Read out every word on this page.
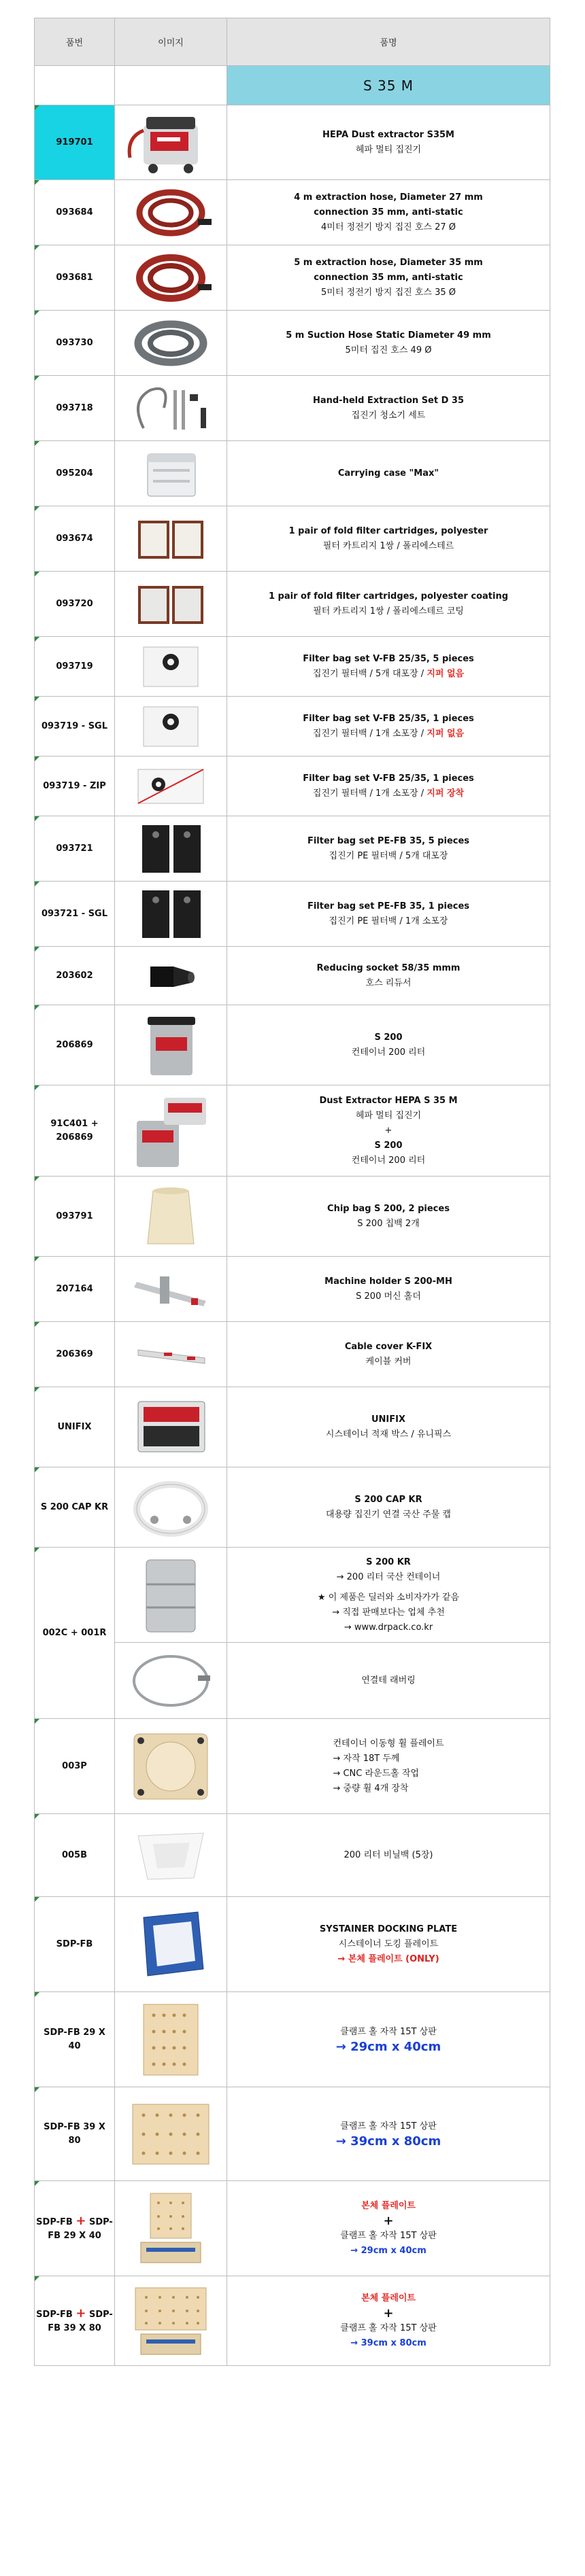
품번	이미지	품명
		S 35 M
919701		HEPA Dust extractor S35M
헤파 멀티 집진기

093684		4 m extraction hose, Diameter 27 mm
connection 35 mm, anti-static
4미터 정전기 방지 집진 호스 27 Ø

093681		5 m extraction hose, Diameter 35 mm
connection 35 mm, anti-static
5미터 정전기 방지 집진 호스 35 Ø

093730		5 m Suction Hose Static Diameter 49 mm
5미터 집진 호스 49 Ø

093718		Hand-held Extraction Set D 35
집진기 청소기 세트

095204		Carrying case "Max"

093674		1 pair of fold filter cartridges, polyester
필터 카트리지 1쌍 / 폴리에스테르

093720		1 pair of fold filter cartridges, polyester coating
필터 카트리지 1쌍 / 폴리에스테르 코팅

093719		Filter bag set V-FB 25/35, 5 pieces
집진기 필터백 / 5개 대포장 / 지퍼 없음

093719 - SGL		Filter bag set V-FB 25/35, 1 pieces
집진기 필터백 / 1개 소포장 / 지퍼 없음

093719 - ZIP		Filter bag set V-FB 25/35, 1 pieces
집진기 필터백 / 1개 소포장 / 지퍼 장착

093721		Filter bag set PE-FB 35, 5 pieces
집진기 PE 필터백 / 5개 대포장

093721 - SGL		Filter bag set PE-FB 35, 1 pieces
집진기 PE 필터백 / 1개 소포장

203602		Reducing socket 58/35 mmm
호스 리듀서

206869		S 200
컨테이너 200 리터

91C401 + 206869		Dust Extractor HEPA S 35 M
헤파 멀티 집진기
+
S 200
컨테이너 200 리터

093791		Chip bag S 200, 2 pieces
S 200 칩백 2개

207164		Machine holder S 200-MH
S 200 머신 홀더

206369		Cable cover K-FIX
케이블 커버

UNIFIX		UNIFIX
시스테이너 적재 박스 / 유니픽스

S 200 CAP KR		S 200 CAP KR
대용량 집진기 연결 국산 주물 캡

002C + 001R		S 200 KR
→ 200 리터 국산 컨테이너
★ 이 제품은 딜러와 소비자가가 같음
→ 직접 판매보다는 업체 추천
→ www.drpack.co.kr

연결테 래버링

003P		컨테이너 이동형 휠 플레이트
→ 자작 18T 두께
→ CNC 라운드홀 작업
→ 중량 휠 4개 장착

005B		200 리터 비닐백 (5장)

SDP-FB		SYSTAINER DOCKING PLATE
시스테이너 도킹 플레이트
→ 본체 플레이트 (ONLY)

SDP-FB 29 X 40		클램프 홀 자작 15T 상판
→ 29cm x 40cm

SDP-FB 39 X 80		클램프 홀 자작 15T 상판
→ 39cm x 80cm

SDP-FB + SDP-FB 29 X 40		본체 플레이트
+
클램프 홀 자작 15T 상판
→ 29cm x 40cm

SDP-FB + SDP-FB 39 X 80		본체 플레이트
+
클램프 홀 자작 15T 상판
→ 39cm x 80cm
